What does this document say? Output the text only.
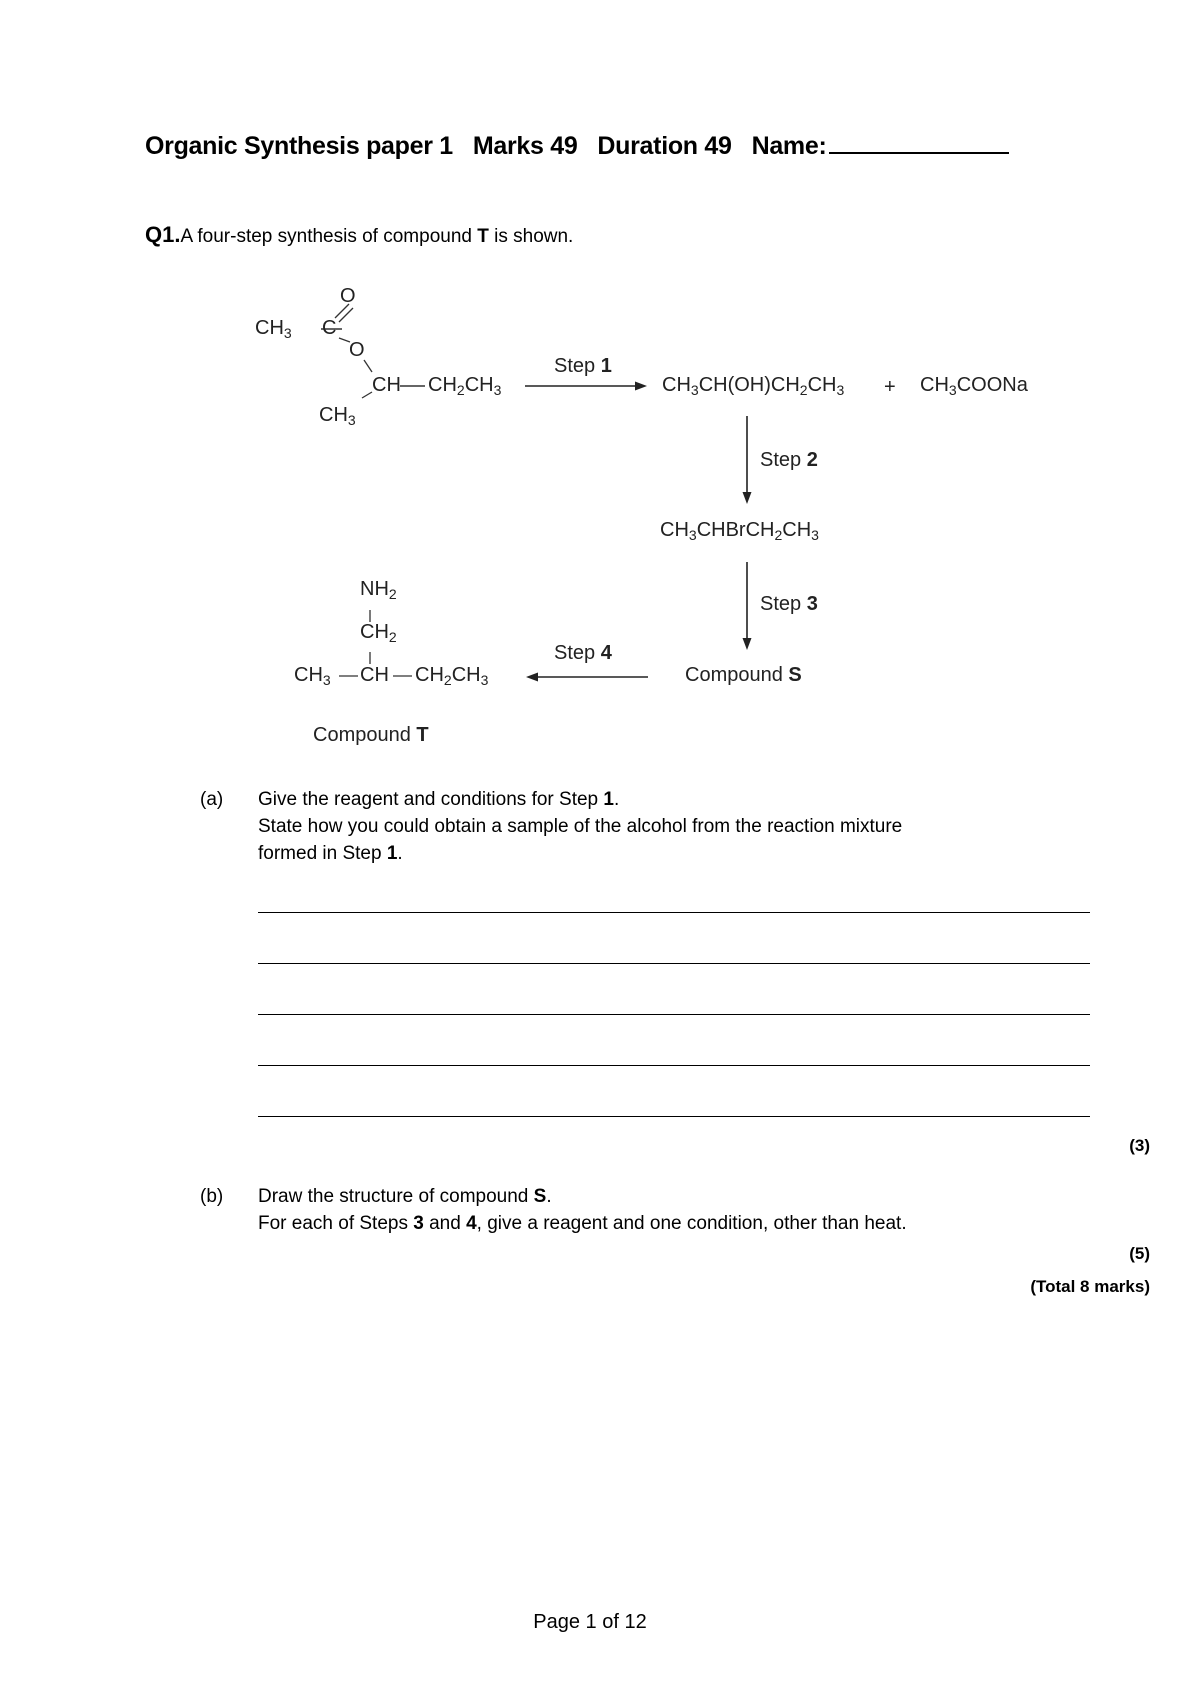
Organic Synthesis paper 1 Marks 49 Duration 49 Name:
Q1.A four-step synthesis of compound T is shown.
O
$CH_3$ C
O
CH $CH_2CH_3$
$CH_3$
Step 1
$CH_3CH(OH)CH_2CH_3$ + $CH_3COONa$
Step 2
$CH_3CHBrCH_2CH_3$
Step 3
Compound S
Step 4
$NH_2$
$CH_2$
$CH_3$ CH $CH_2CH_3$
Compound T
(a) Give the reagent and conditions for Step 1.
State how you could obtain a sample of the alcohol from the reaction mixture
formed in Step 1.
(3)
(b) Draw the structure of compound S.
For each of Steps 3 and 4, give a reagent and one condition, other than heat.
(5)
(Total 8 marks)
Page 1 of 12
